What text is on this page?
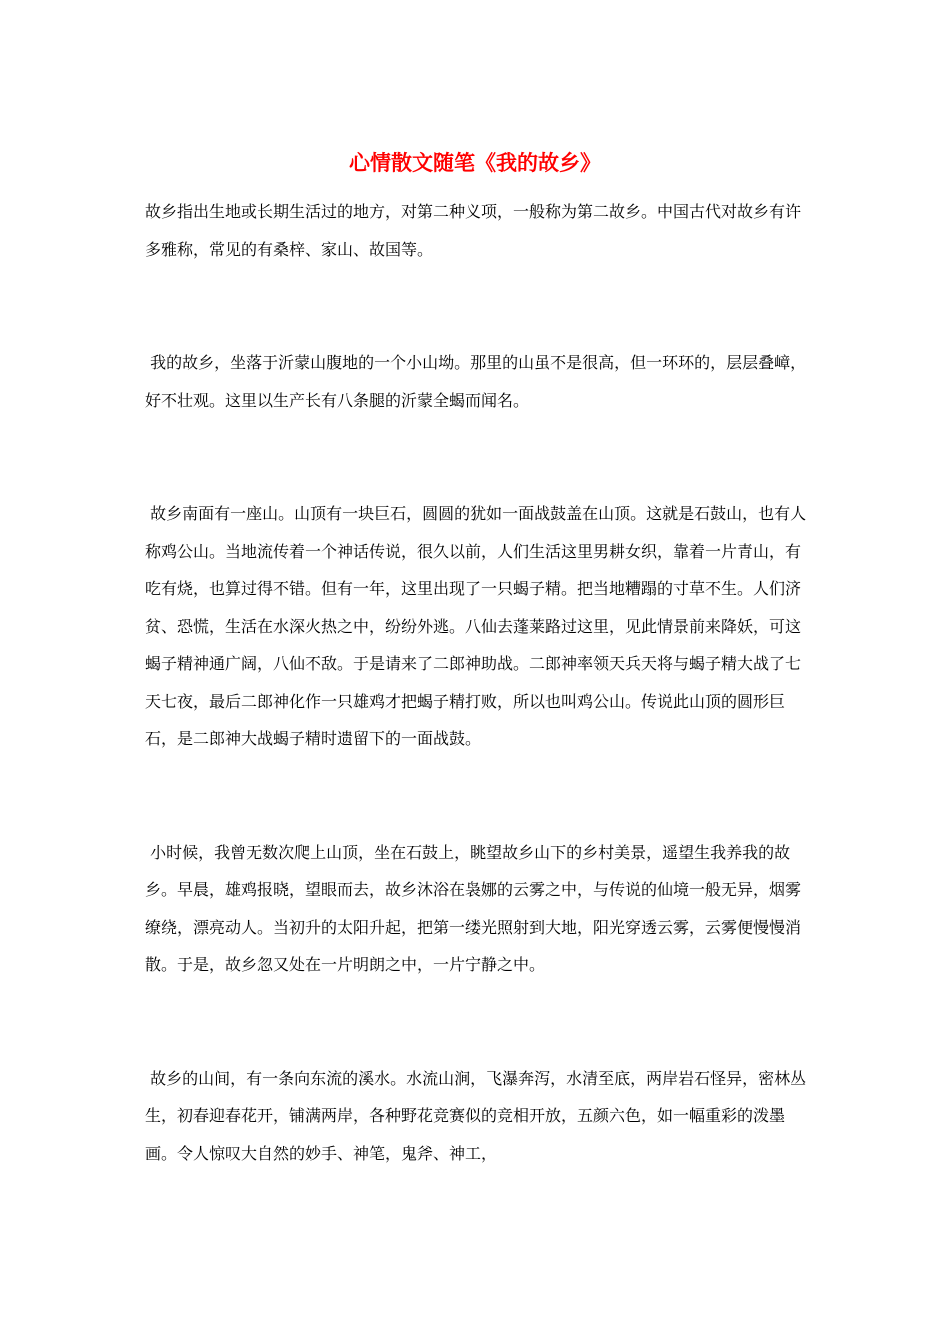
心情散文随笔《我的故乡》

故乡指出生地或长期生活过的地方，对第二种义项，一般称为第二故乡。中国古代对故乡有许多雅称，常见的有桑梓、家山、故国等。

我的故乡，坐落于沂蒙山腹地的一个小山坳。那里的山虽不是很高，但一环环的，层层叠嶂，好不壮观。这里以生产长有八条腿的沂蒙全蝎而闻名。

故乡南面有一座山。山顶有一块巨石，圆圆的犹如一面战鼓盖在山顶。这就是石鼓山，也有人称鸡公山。当地流传着一个神话传说，很久以前，人们生活这里男耕女织，靠着一片青山，有吃有烧，也算过得不错。但有一年，这里出现了一只蝎子精。把当地糟蹋的寸草不生。人们济贫、恐慌，生活在水深火热之中，纷纷外逃。八仙去蓬莱路过这里，见此情景前来降妖，可这蝎子精神通广阔，八仙不敌。于是请来了二郎神助战。二郎神率领天兵天将与蝎子精大战了七天七夜，最后二郎神化作一只雄鸡才把蝎子精打败，所以也叫鸡公山。传说此山顶的圆形巨石，是二郎神大战蝎子精时遗留下的一面战鼓。

小时候，我曾无数次爬上山顶，坐在石鼓上，眺望故乡山下的乡村美景，遥望生我养我的故乡。早晨，雄鸡报晓，望眼而去，故乡沐浴在袅娜的云雾之中，与传说的仙境一般无异，烟雾缭绕，漂亮动人。当初升的太阳升起，把第一缕光照射到大地，阳光穿透云雾，云雾便慢慢消散。于是，故乡忽又处在一片明朗之中，一片宁静之中。

故乡的山间，有一条向东流的溪水。水流山涧，飞瀑奔泻，水清至底，两岸岩石怪异，密林丛生，初春迎春花开，铺满两岸，各种野花竞赛似的竞相开放，五颜六色，如一幅重彩的泼墨画。令人惊叹大自然的妙手、神笔，鬼斧、神工，
